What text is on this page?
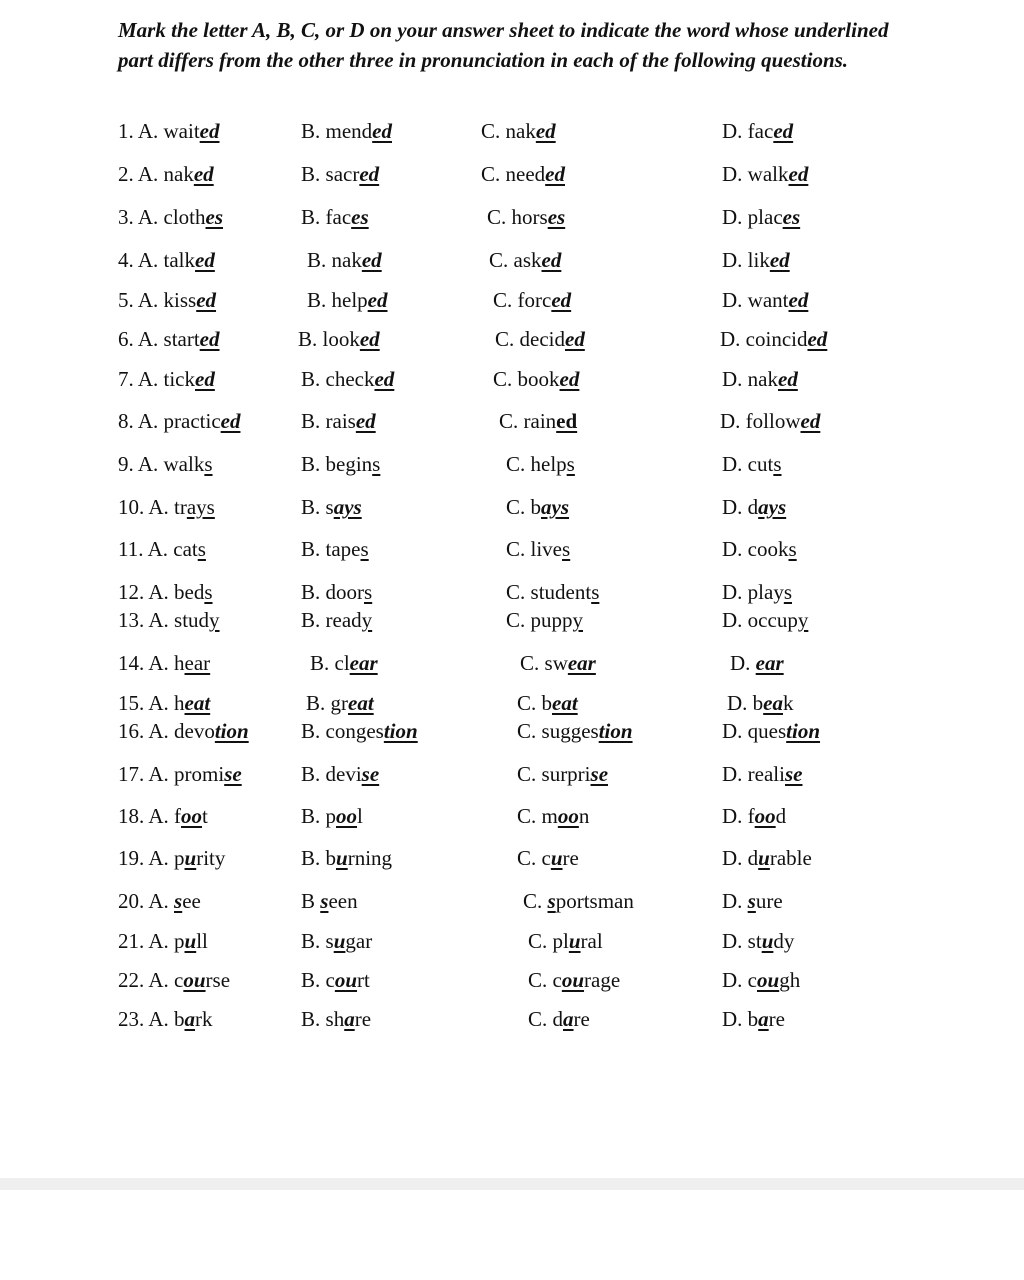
Mark the letter A, B, C, or D on your answer sheet to indicate the word whose underlined part differs from the other three in pronunciation in each of the following questions.
1. A. waited	B. mended	C. naked	D. faced
2. A. naked	B. sacred	C. needed	D. walked
3. A. clothes	B. faces	C. horses	D. places
4. A. talked	B. naked	C. asked	D. liked
5. A. kissed	B. helped	C. forced	D. wanted
6. A. started	B. looked	C. decided	D. coincided
7. A. ticked	B. checked	C. booked	D. naked
8. A. practiced	B. raised	C. rained	D. followed
9. A. walks	B. begins	C. helps	D. cuts
10. A. trays	B. says	C. bays	D. days
11. A. cats	B. tapes	C. lives	D. cooks
12. A. beds	B. doors	C. students	D. plays
13. A. study	B. ready	C. puppy	D. occupy
14. A. hear	B. clear	C. swear	D. ear
15. A. heat	B. great	C. beat	D. beak
16. A. devotion B. congestion	C. suggestion	D. question
17. A. promise	B. devise	C. surprise	D. realise
18. A. foot	B. pool	C. moon	D. food
19. A. purity	B. burning	C. cure	D. durable
20. A. see	B seen	C. sportsman	D. sure
21. A. pull	B. sugar	C. plural	D. study
22. A. course	B. court	C. courage	D. cough
23. A. bark	B. share	C. dare	D. bare
